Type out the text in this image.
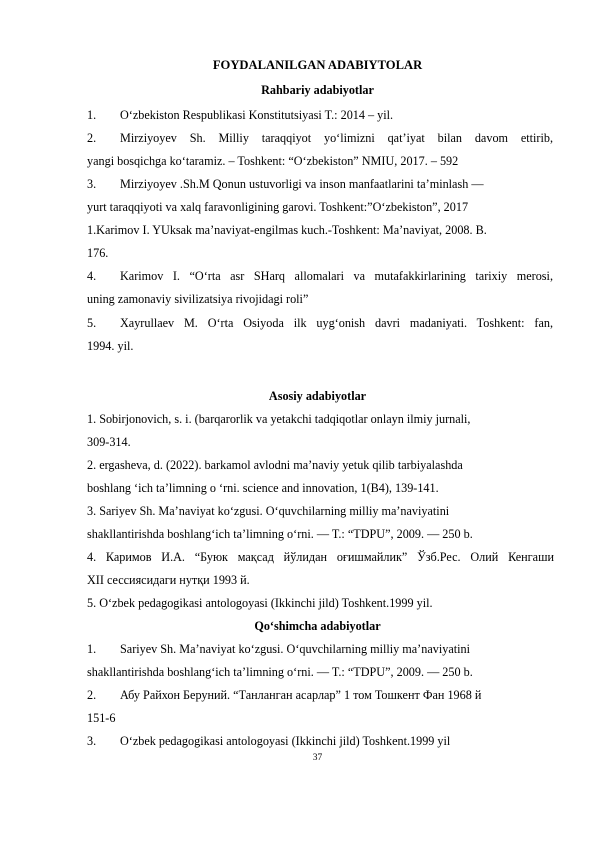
FOYDALANILGAN ADABIYTOLAR
Rahbariy adabiyotlar
1. O‘zbekiston Respublikasi Konstitutsiyasi T.: 2014 – yil.
2. Mirziyoyev Sh. Milliy taraqqiyot yo‘limizni qat’iyat bilan davom ettirib,
yangi bosqichga ko‘taramiz. – Toshkent: “O‘zbekiston” NMIU, 2017. – 592
3. Mirziyoyev .Sh.M Qonun ustuvorligi va inson manfaatlarini ta’minlash —
yurt taraqqiyoti va xalq faravonligining garovi. Toshkent:”O‘zbekiston”, 2017
1.Karimov I. YUksak ma’naviyat-engilmas kuch.-Toshkent: Ma’naviyat, 2008. B.
176.
4. Karimov I. “O‘rta asr SHarq allomalari va mutafakkirlarining tarixiy merosi,
uning zamonaviy sivilizatsiya rivojidagi roli”
5. Xayrullaev M. O‘rta Osiyoda ilk uyg‘onish davri madaniyati. Toshkent: fan,
1994. yil.
Asosiy adabiyotlar
1. Sobirjonovich, s. i. (barqarorlik va yetakchi tadqiqotlar onlayn ilmiy jurnali,
309-314.
2. ergasheva, d. (2022). barkamol avlodni ma’naviy yetuk qilib tarbiyalashda
boshlang ‘ich ta’limning o ‘rni. science and innovation, 1(B4), 139-141.
3. Sariyev Sh. Ma’naviyat ko‘zgusi. O‘quvchilarning milliy ma’naviyatini
shakllantirishda boshlang‘ich ta’limning o‘rni. — T.: “TDPU”, 2009. — 250 b.
4. Каримов И.А. “Буюк мақсад йўлидан оғишмайлик” Ўзб.Рес. Олий Кенгаши
XII сессиясидаги нутқи 1993 й.
5. O‘zbek pedagogikasi antologoyasi (Ikkinchi jild) Toshkent.1999 yil.
Qo‘shimcha adabiyotlar
1. Sariyev Sh. Ma’naviyat ko‘zgusi. O‘quvchilarning milliy ma’naviyatini
shakllantirishda boshlang‘ich ta’limning o‘rni. — T.: “TDPU”, 2009. — 250 b.
2. Абу Райхон Беруний. “Танланган асарлар” 1 том Тошкент Фан 1968 й
151-6
3. O‘zbek pedagogikasi antologoyasi (Ikkinchi jild) Toshkent.1999 yil
37
